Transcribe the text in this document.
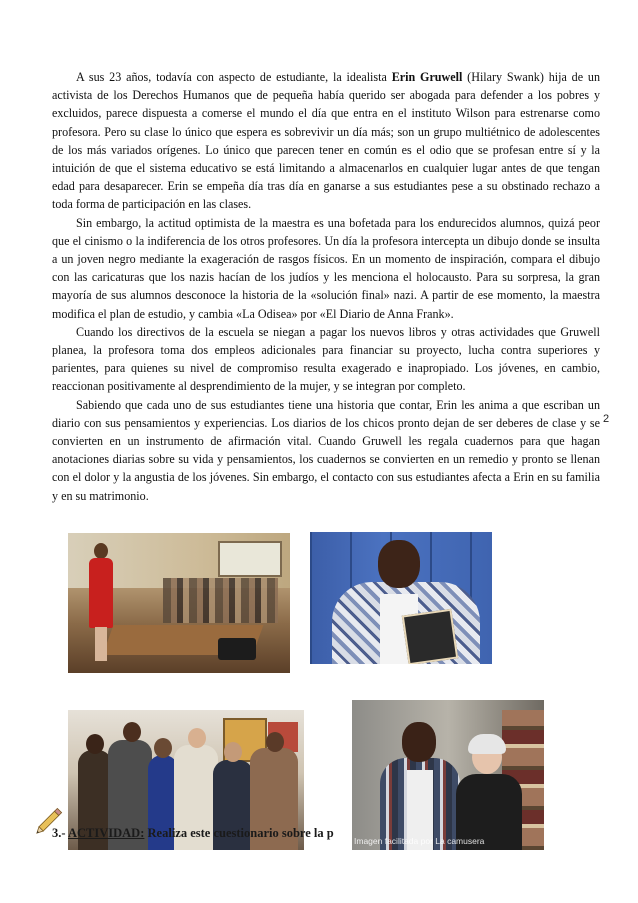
A sus 23 años, todavía con aspecto de estudiante, la idealista Erin Gruwell (Hilary Swank) hija de un activista de los Derechos Humanos que de pequeña había querido ser abogada para defender a los pobres y excluidos, parece dispuesta a comerse el mundo el día que entra en el instituto Wilson para estrenarse como profesora. Pero su clase lo único que espera es sobrevivir un día más; son un grupo multiétnico de adolescentes de los más variados orígenes. Lo único que parecen tener en común es el odio que se profesan entre sí y la intuición de que el sistema educativo se está limitando a almacenarlos en cualquier lugar antes de que tengan edad para desaparecer. Erin se empeña día tras día en ganarse a sus estudiantes pese a su obstinado rechazo a toda forma de participación en las clases.

Sin embargo, la actitud optimista de la maestra es una bofetada para los endurecidos alumnos, quizá peor que el cinismo o la indiferencia de los otros profesores. Un día la profesora intercepta un dibujo donde se insulta a un joven negro mediante la exageración de rasgos físicos. En un momento de inspiración, compara el dibujo con las caricaturas que los nazis hacían de los judíos y les menciona el holocausto. Para su sorpresa, la gran mayoría de sus alumnos desconoce la historia de la «solución final» nazi. A partir de ese momento, la maestra modifica el plan de estudio, y cambia «La Odisea» por «El Diario de Anna Frank».

Cuando los directivos de la escuela se niegan a pagar los nuevos libros y otras actividades que Gruwell planea, la profesora toma dos empleos adicionales para financiar su proyecto, lucha contra superiores y parientes, para quienes su nivel de compromiso resulta exagerado e inapropiado. Los jóvenes, en cambio, reaccionan positivamente al desprendimiento de la mujer, y se integran por completo.

Sabiendo que cada uno de sus estudiantes tiene una historia que contar, Erin les anima a que escriban un diario con sus pensamientos y experiencias. Los diarios de los chicos pronto dejan de ser deberes de clase y se convierten en un instrumento de afirmación vital. Cuando Gruwell les regala cuadernos para que hagan anotaciones diarias sobre su vida y pensamientos, los cuadernos se convierten en un remedio y pronto se llenan con el dolor y la angustia de los jóvenes. Sin embargo, el contacto con sus estudiantes afecta a Erin en su familia y en su matrimonio.

2
Imagen facilitada por La camusera
3.- ACTIVIDAD: Realiza este cuestionario sobre la p
